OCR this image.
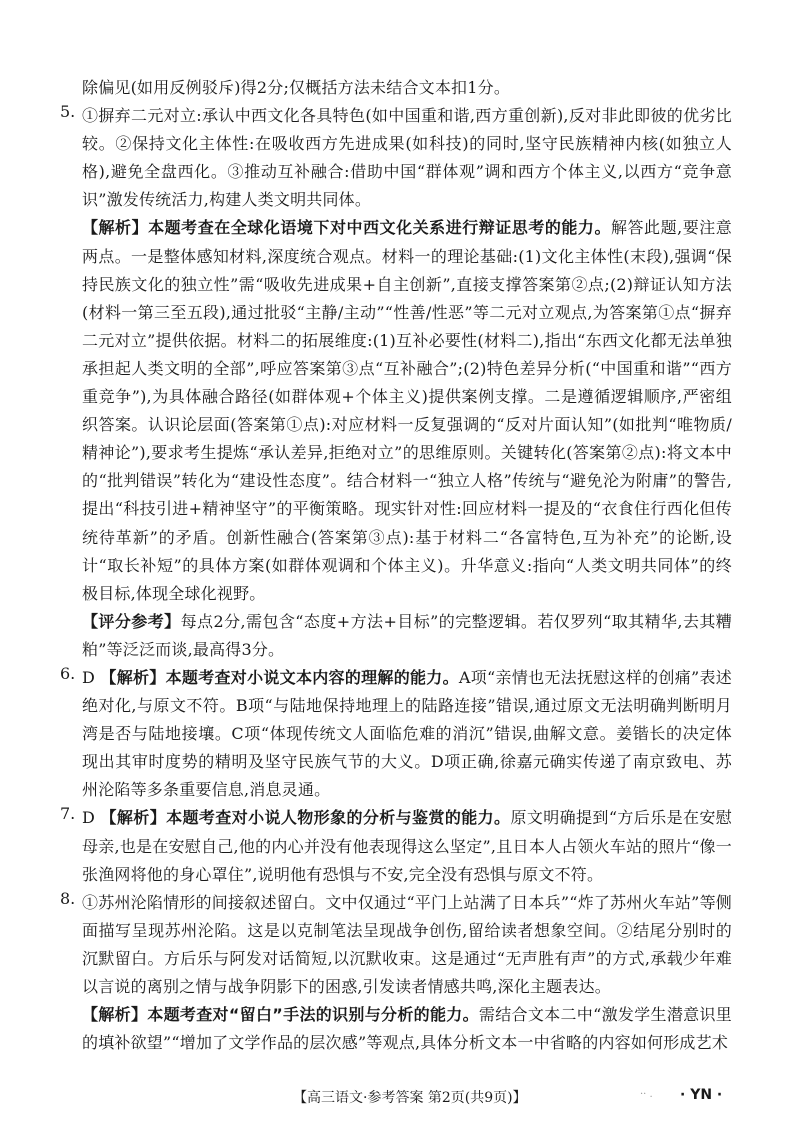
除偏见(如用反例驳斥)得2分;仅概括方法未结合文本扣1分。

5. ①摒弃二元对立:承认中西文化各具特色(如中国重和谐,西方重创新),反对非此即彼的优劣比较。②保持文化主体性:在吸收西方先进成果(如科技)的同时,坚守民族精神内核(如独立人格),避免全盘西化。③推动互补融合:借助中国“群体观”调和西方个体主义,以西方“竞争意识”激发传统活力,构建人类文明共同体。

【解析】本题考查在全球化语境下对中西文化关系进行辩证思考的能力。解答此题,要注意两点。一是整体感知材料,深度统合观点。材料一的理论基础:(1)文化主体性(末段),强调“保持民族文化的独立性”需“吸收先进成果+自主创新”,直接支撑答案第②点;(2)辩证认知方法(材料一第三至五段),通过批驳“主静/主动”“性善/性恶”等二元对立观点,为答案第①点“摒弃二元对立”提供依据。材料二的拓展维度:(1)互补必要性(材料二),指出“东西文化都无法单独承担起人类文明的全部”,呼应答案第③点“互补融合”;(2)特色差异分析(“中国重和谐”“西方重竞争”),为具体融合路径(如群体观+个体主义)提供案例支撑。二是遵循逻辑顺序,严密组织答案。认识论层面(答案第①点):对应材料一反复强调的“反对片面认知”(如批判“唯物质/精神论”),要求考生提炼“承认差异,拒绝对立”的思维原则。关键转化(答案第②点):将文本中的“批判错误”转化为“建设性态度”。结合材料一“独立人格”传统与“避免沦为附庸”的警告,提出“科技引进+精神坚守”的平衡策略。现实针对性:回应材料一提及的“衣食住行西化但传统待革新”的矛盾。创新性融合(答案第③点):基于材料二“各富特色,互为补充”的论断,设计“取长补短”的具体方案(如群体观调和个体主义)。升华意义:指向“人类文明共同体”的终极目标,体现全球化视野。

【评分参考】每点2分,需包含“态度+方法+目标”的完整逻辑。若仅罗列“取其精华,去其糟粕”等泛泛而谈,最高得3分。

6. D 【解析】本题考查对小说文本内容的理解的能力。A项“亲情也无法抚慰这样的创痛”表述绝对化,与原文不符。B项“与陆地保持地理上的陆路连接”错误,通过原文无法明确判断明月湾是否与陆地接壤。C项“体现传统文人面临危难的消沉”错误,曲解文意。姜锴长的决定体现出其审时度势的精明及坚守民族气节的大义。D项正确,徐嘉元确实传递了南京致电、苏州沦陷等多条重要信息,消息灵通。

7. D 【解析】本题考查对小说人物形象的分析与鉴赏的能力。原文明确提到“方后乐是在安慰母亲,也是在安慰自己,他的内心并没有他表现得这么坚定”,且日本人占领火车站的照片“像一张渔网将他的身心罩住”,说明他有恐惧与不安,完全没有恐惧与原文不符。

8. ①苏州沦陷情形的间接叙述留白。文中仅通过“平门上站满了日本兵”“炸了苏州火车站”等侧面描写呈现苏州沦陷。这是以克制笔法呈现战争创伤,留给读者想象空间。②结尾分别时的沉默留白。方后乐与阿发对话简短,以沉默收束。这是通过“无声胜有声”的方式,承载少年难以言说的离别之情与战争阴影下的困惑,引发读者情感共鸣,深化主题表达。

【解析】本题考查对“留白”手法的识别与分析的能力。需结合文本二中“激发学生潜意识里的填补欲望”“增加了文学作品的层次感”等观点,具体分析文本一中省略的内容如何形成艺术

【高三语文·参考答案 第2页(共9页)】	·· . · YN ·
